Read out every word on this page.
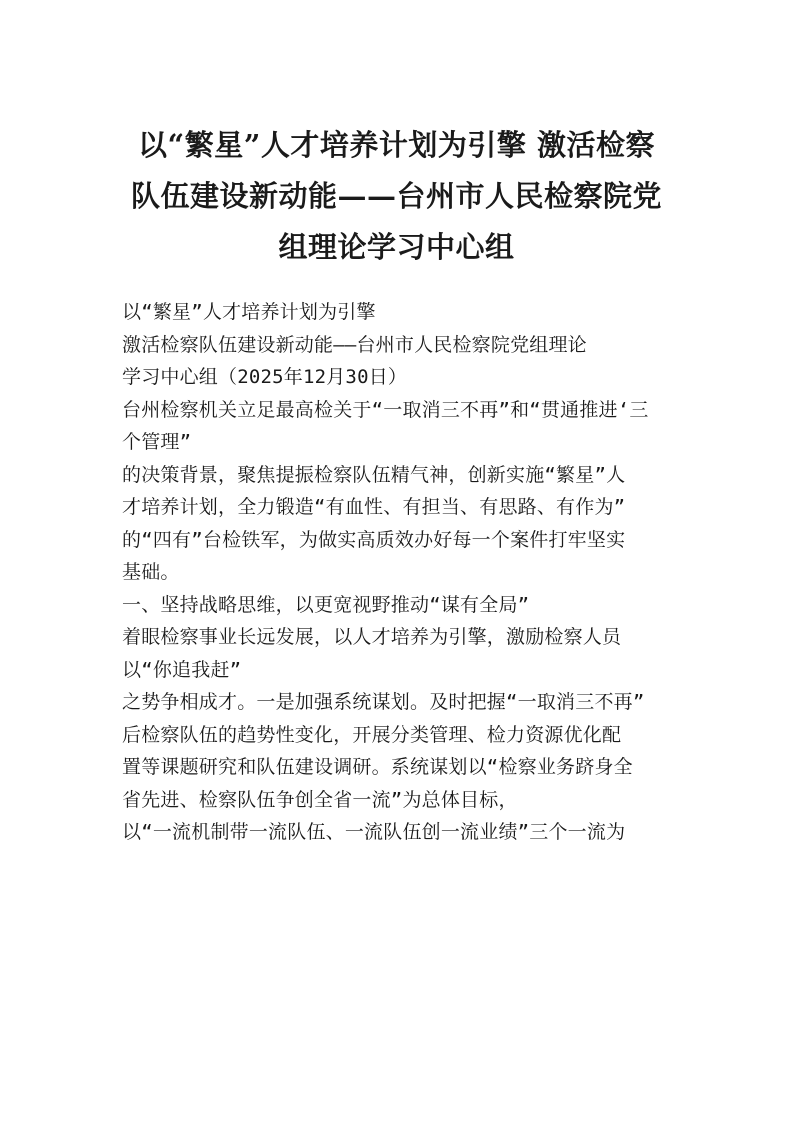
以“繁星”人才培养计划为引擎 激活检察
队伍建设新动能——台州市人民检察院党
组理论学习中心组
以“繁星”人才培养计划为引擎
激活检察队伍建设新动能——台州市人民检察院党组理论
学习中心组（2025年12月30日）
台州检察机关立足最高检关于“一取消三不再”和“贯通推进‘三
个管理”
的决策背景，聚焦提振检察队伍精气神，创新实施“繁星”人
才培养计划，全力锻造“有血性、有担当、有思路、有作为”
的“四有”台检铁军，为做实高质效办好每一个案件打牢坚实
基础。
一、坚持战略思维，以更宽视野推动“谋有全局”
着眼检察事业长远发展，以人才培养为引擎，激励检察人员
以“你追我赶”
之势争相成才。一是加强系统谋划。及时把握“一取消三不再”
后检察队伍的趋势性变化，开展分类管理、检力资源优化配
置等课题研究和队伍建设调研。系统谋划以“检察业务跻身全
省先进、检察队伍争创全省一流”为总体目标，
以“一流机制带一流队伍、一流队伍创一流业绩”三个一流为
